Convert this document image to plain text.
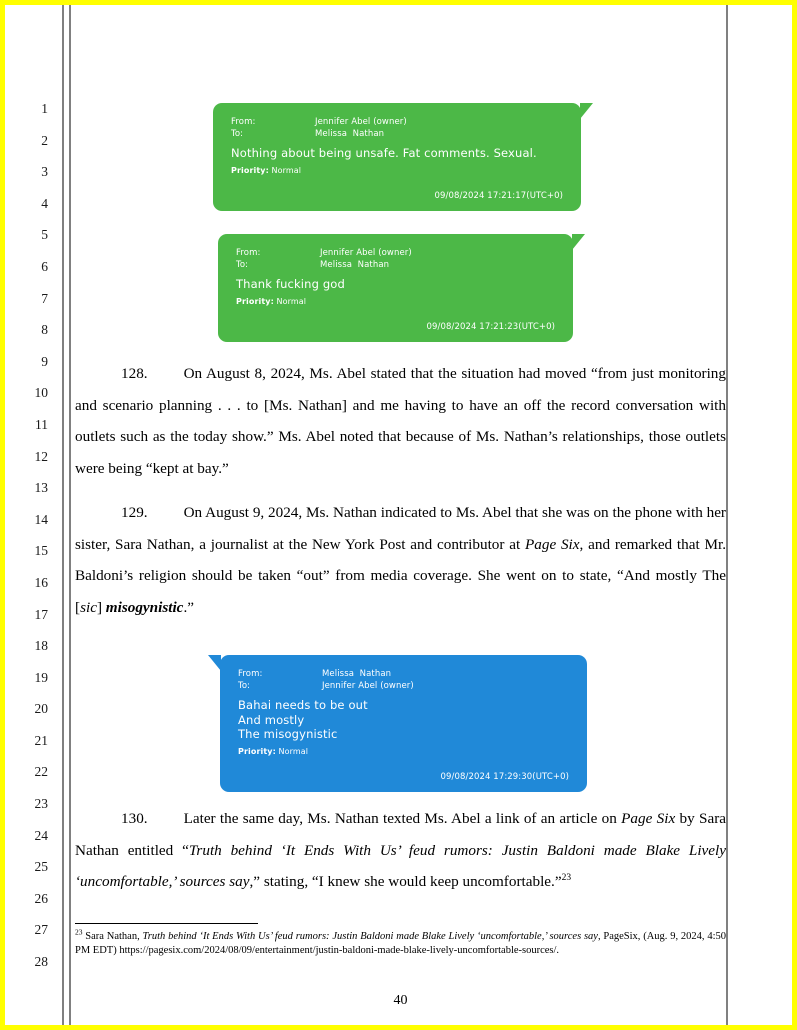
1
2
3
4
5
6
7
8
9
10
11
12
13
14
15
16
17
18
19
20
21
22
23
24
25
26
27
28
From:	Jennifer Abel (owner)
To:	Melissa  Nathan
Nothing about being unsafe. Fat comments. Sexual.
Priority: Normal
09/08/2024 17:21:17(UTC+0)
From:	Jennifer Abel (owner)
To:	Melissa  Nathan
Thank fucking god
Priority: Normal
09/08/2024 17:21:23(UTC+0)
From:	Melissa  Nathan
To:	Jennifer Abel (owner)
Bahai needs to be out
And mostly
The misogynistic
Priority: Normal
09/08/2024 17:29:30(UTC+0)
128. On August 8, 2024, Ms. Abel stated that the situation had moved “from just monitoring and scenario planning . . . to [Ms. Nathan] and me having to have an off the record conversation with outlets such as the today show.” Ms. Abel noted that because of Ms. Nathan’s relationships, those outlets were being “kept at bay.”
129. On August 9, 2024, Ms. Nathan indicated to Ms. Abel that she was on the phone with her sister, Sara Nathan, a journalist at the New York Post and contributor at Page Six, and remarked that Mr. Baldoni’s religion should be taken “out” from media coverage. She went on to state, “And mostly The [sic] misogynistic.”
130. Later the same day, Ms. Nathan texted Ms. Abel a link of an article on Page Six by Sara Nathan entitled “Truth behind ‘It Ends With Us’ feud rumors: Justin Baldoni made Blake Lively ‘uncomfortable,’ sources say,” stating, “I knew she would keep uncomfortable.”$^{23}$
$^{23}$ Sara Nathan, Truth behind ‘It Ends With Us’ feud rumors: Justin Baldoni made Blake Lively ‘uncomfortable,’ sources say, PageSix, (Aug. 9, 2024, 4:50 PM EDT) https://pagesix.com/2024/08/09/entertainment/justin-baldoni-made-blake-lively-uncomfortable-sources/.
40
